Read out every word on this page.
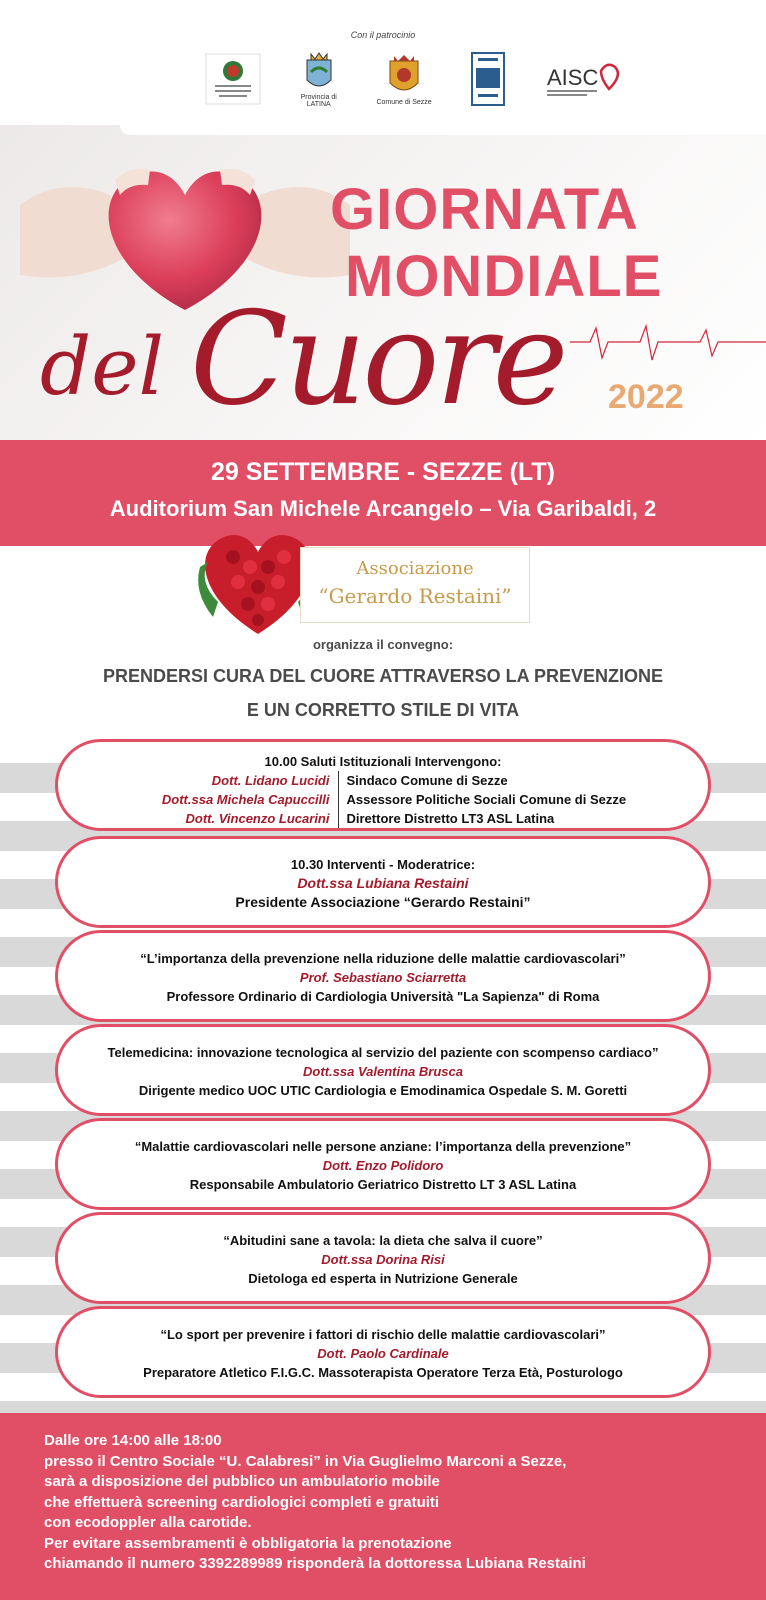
Con il patrocinio
Provincia di
LATINA	Comune di Sezze
AISC
GIORNATA
MONDIALE
del Cuore 2022
29 SETTEMBRE - SEZZE (LT)
Auditorium San Michele Arcangelo – Via Garibaldi, 2
Associazione
“Gerardo Restaini”
organizza il convegno:
PRENDERSI CURA DEL CUORE ATTRAVERSO LA PREVENZIONE
E UN CORRETTO STILE DI VITA
10.00 Saluti Istituzionali Intervengono:
Dott. Lidano Lucidi	Sindaco Comune di Sezze
Dott.ssa Michela Capuccilli	Assessore Politiche Sociali Comune di Sezze
Dott. Vincenzo Lucarini	Direttore Distretto LT3 ASL Latina
10.30 Interventi - Moderatrice:
Dott.ssa Lubiana Restaini
Presidente Associazione “Gerardo Restaini”
“L’importanza della prevenzione nella riduzione delle malattie cardiovascolari”
Prof. Sebastiano Sciarretta
Professore Ordinario di Cardiologia Università "La Sapienza" di Roma
Telemedicina: innovazione tecnologica al servizio del paziente con scompenso cardiaco”
Dott.ssa Valentina Brusca
Dirigente medico UOC UTIC Cardiologia e Emodinamica Ospedale S. M. Goretti
“Malattie cardiovascolari nelle persone anziane: l’importanza della prevenzione”
Dott. Enzo Polidoro
Responsabile Ambulatorio Geriatrico Distretto LT 3 ASL Latina
“Abitudini sane a tavola: la dieta che salva il cuore”
Dott.ssa Dorina Risi
Dietologa ed esperta in Nutrizione Generale
“Lo sport per prevenire i fattori di rischio delle malattie cardiovascolari”
Dott. Paolo Cardinale
Preparatore Atletico F.I.G.C. Massoterapista Operatore Terza Età, Posturologo
Dalle ore 14:00 alle 18:00
presso il Centro Sociale “U. Calabresi” in Via Guglielmo Marconi a Sezze,
sarà a disposizione del pubblico un ambulatorio mobile
che effettuerà screening cardiologici completi e gratuiti
con ecodoppler alla carotide.
Per evitare assembramenti è obbligatoria la prenotazione
chiamando il numero 3392289989 risponderà la dottoressa Lubiana Restaini
